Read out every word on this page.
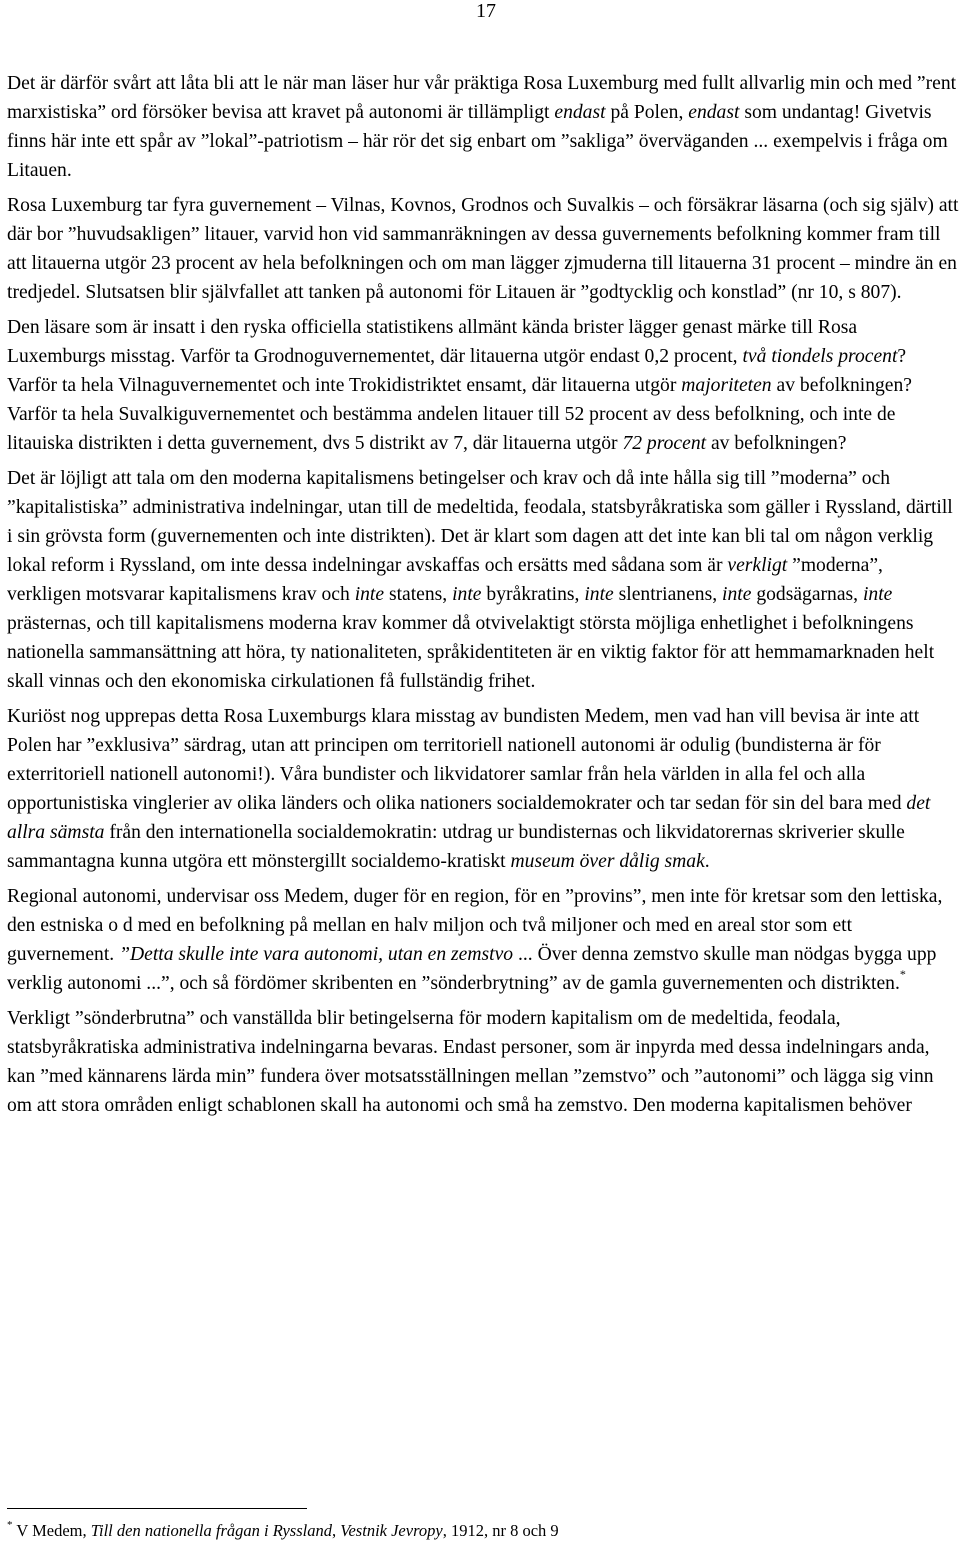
17

Det är därför svårt att låta bli att le när man läser hur vår präktiga Rosa Luxemburg med fullt allvarlig min och med ”rent marxistiska” ord försöker bevisa att kravet på autonomi är tillämpligt endast på Polen, endast som undantag! Givetvis finns här inte ett spår av ”lokal”-patriotism – här rör det sig enbart om ”sakliga” överväganden ... exempelvis i fråga om Litauen.

Rosa Luxemburg tar fyra guvernement – Vilnas, Kovnos, Grodnos och Suvalkis – och försäkrar läsarna (och sig själv) att där bor ”huvudsakligen” litauer, varvid hon vid sammanräkningen av dessa guvernements befolkning kommer fram till att litauerna utgör 23 procent av hela befolkningen och om man lägger zjmuderna till litauerna 31 procent – mindre än en tredjedel. Slutsatsen blir självfallet att tanken på autonomi för Litauen är ”godtycklig och konstlad” (nr 10, s 807).

Den läsare som är insatt i den ryska officiella statistikens allmänt kända brister lägger genast märke till Rosa Luxemburgs misstag. Varför ta Grodnoguvernementet, där litauerna utgör endast 0,2 procent, två tiondels procent? Varför ta hela Vilnaguvernementet och inte Trokidistriktet ensamt, där litauerna utgör majoriteten av befolkningen? Varför ta hela Suvalkiguvernementet och bestämma andelen litauer till 52 procent av dess befolkning, och inte de litauiska distrikten i detta guvernement, dvs 5 distrikt av 7, där litauerna utgör 72 procent av befolkningen?

Det är löjligt att tala om den moderna kapitalismens betingelser och krav och då inte hålla sig till ”moderna” och ”kapitalistiska” administrativa indelningar, utan till de medeltida, feodala, statsbyråkratiska som gäller i Ryssland, därtill i sin grövsta form (guvernementen och inte distrikten). Det är klart som dagen att det inte kan bli tal om någon verklig lokal reform i Ryssland, om inte dessa indelningar avskaffas och ersätts med sådana som är verkligt ”moderna”, verkligen motsvarar kapitalismens krav och inte statens, inte byråkratins, inte slentrianens, inte godsägarnas, inte prästernas, och till kapitalismens moderna krav kommer då otvivelaktigt största möjliga enhetlighet i befolkningens nationella sammansättning att höra, ty nationaliteten, språkidentiteten är en viktig faktor för att hemmamarknaden helt skall vinnas och den ekonomiska cirkulationen få fullständig frihet.

Kuriöst nog upprepas detta Rosa Luxemburgs klara misstag av bundisten Medem, men vad han vill bevisa är inte att Polen har ”exklusiva” särdrag, utan att principen om territoriell nationell autonomi är odulig (bundisterna är för exterritoriell nationell autonomi!). Våra bundister och likvidatorer samlar från hela världen in alla fel och alla opportunistiska vinglerier av olika länders och olika nationers socialdemokrater och tar sedan för sin del bara med det allra sämsta från den internationella socialdemokratin: utdrag ur bundisternas och likvidatorernas skriverier skulle sammantagna kunna utgöra ett mönstergillt socialdemo-kratiskt museum över dålig smak.

Regional autonomi, undervisar oss Medem, duger för en region, för en ”provins”, men inte för kretsar som den lettiska, den estniska o d med en befolkning på mellan en halv miljon och två miljoner och med en areal stor som ett guvernement. ”Detta skulle inte vara autonomi, utan en zemstvo ... Över denna zemstvo skulle man nödgas bygga upp verklig autonomi ...”, och så fördömer skribenten en ”sönderbrytning” av de gamla guvernementen och distrikten.*

Verkligt ”sönderbrutna” och vanställda blir betingelserna för modern kapitalism om de medeltida, feodala, statsbyråkratiska administrativa indelningarna bevaras. Endast personer, som är inpyrda med dessa indelningars anda, kan ”med kännarens lärda min” fundera över motsatsställningen mellan ”zemstvo” och ”autonomi” och lägga sig vinn om att stora områden enligt schablonen skall ha autonomi och små ha zemstvo. Den moderna kapitalismen behöver

* V Medem, Till den nationella frågan i Ryssland, Vestnik Jevropy, 1912, nr 8 och 9
